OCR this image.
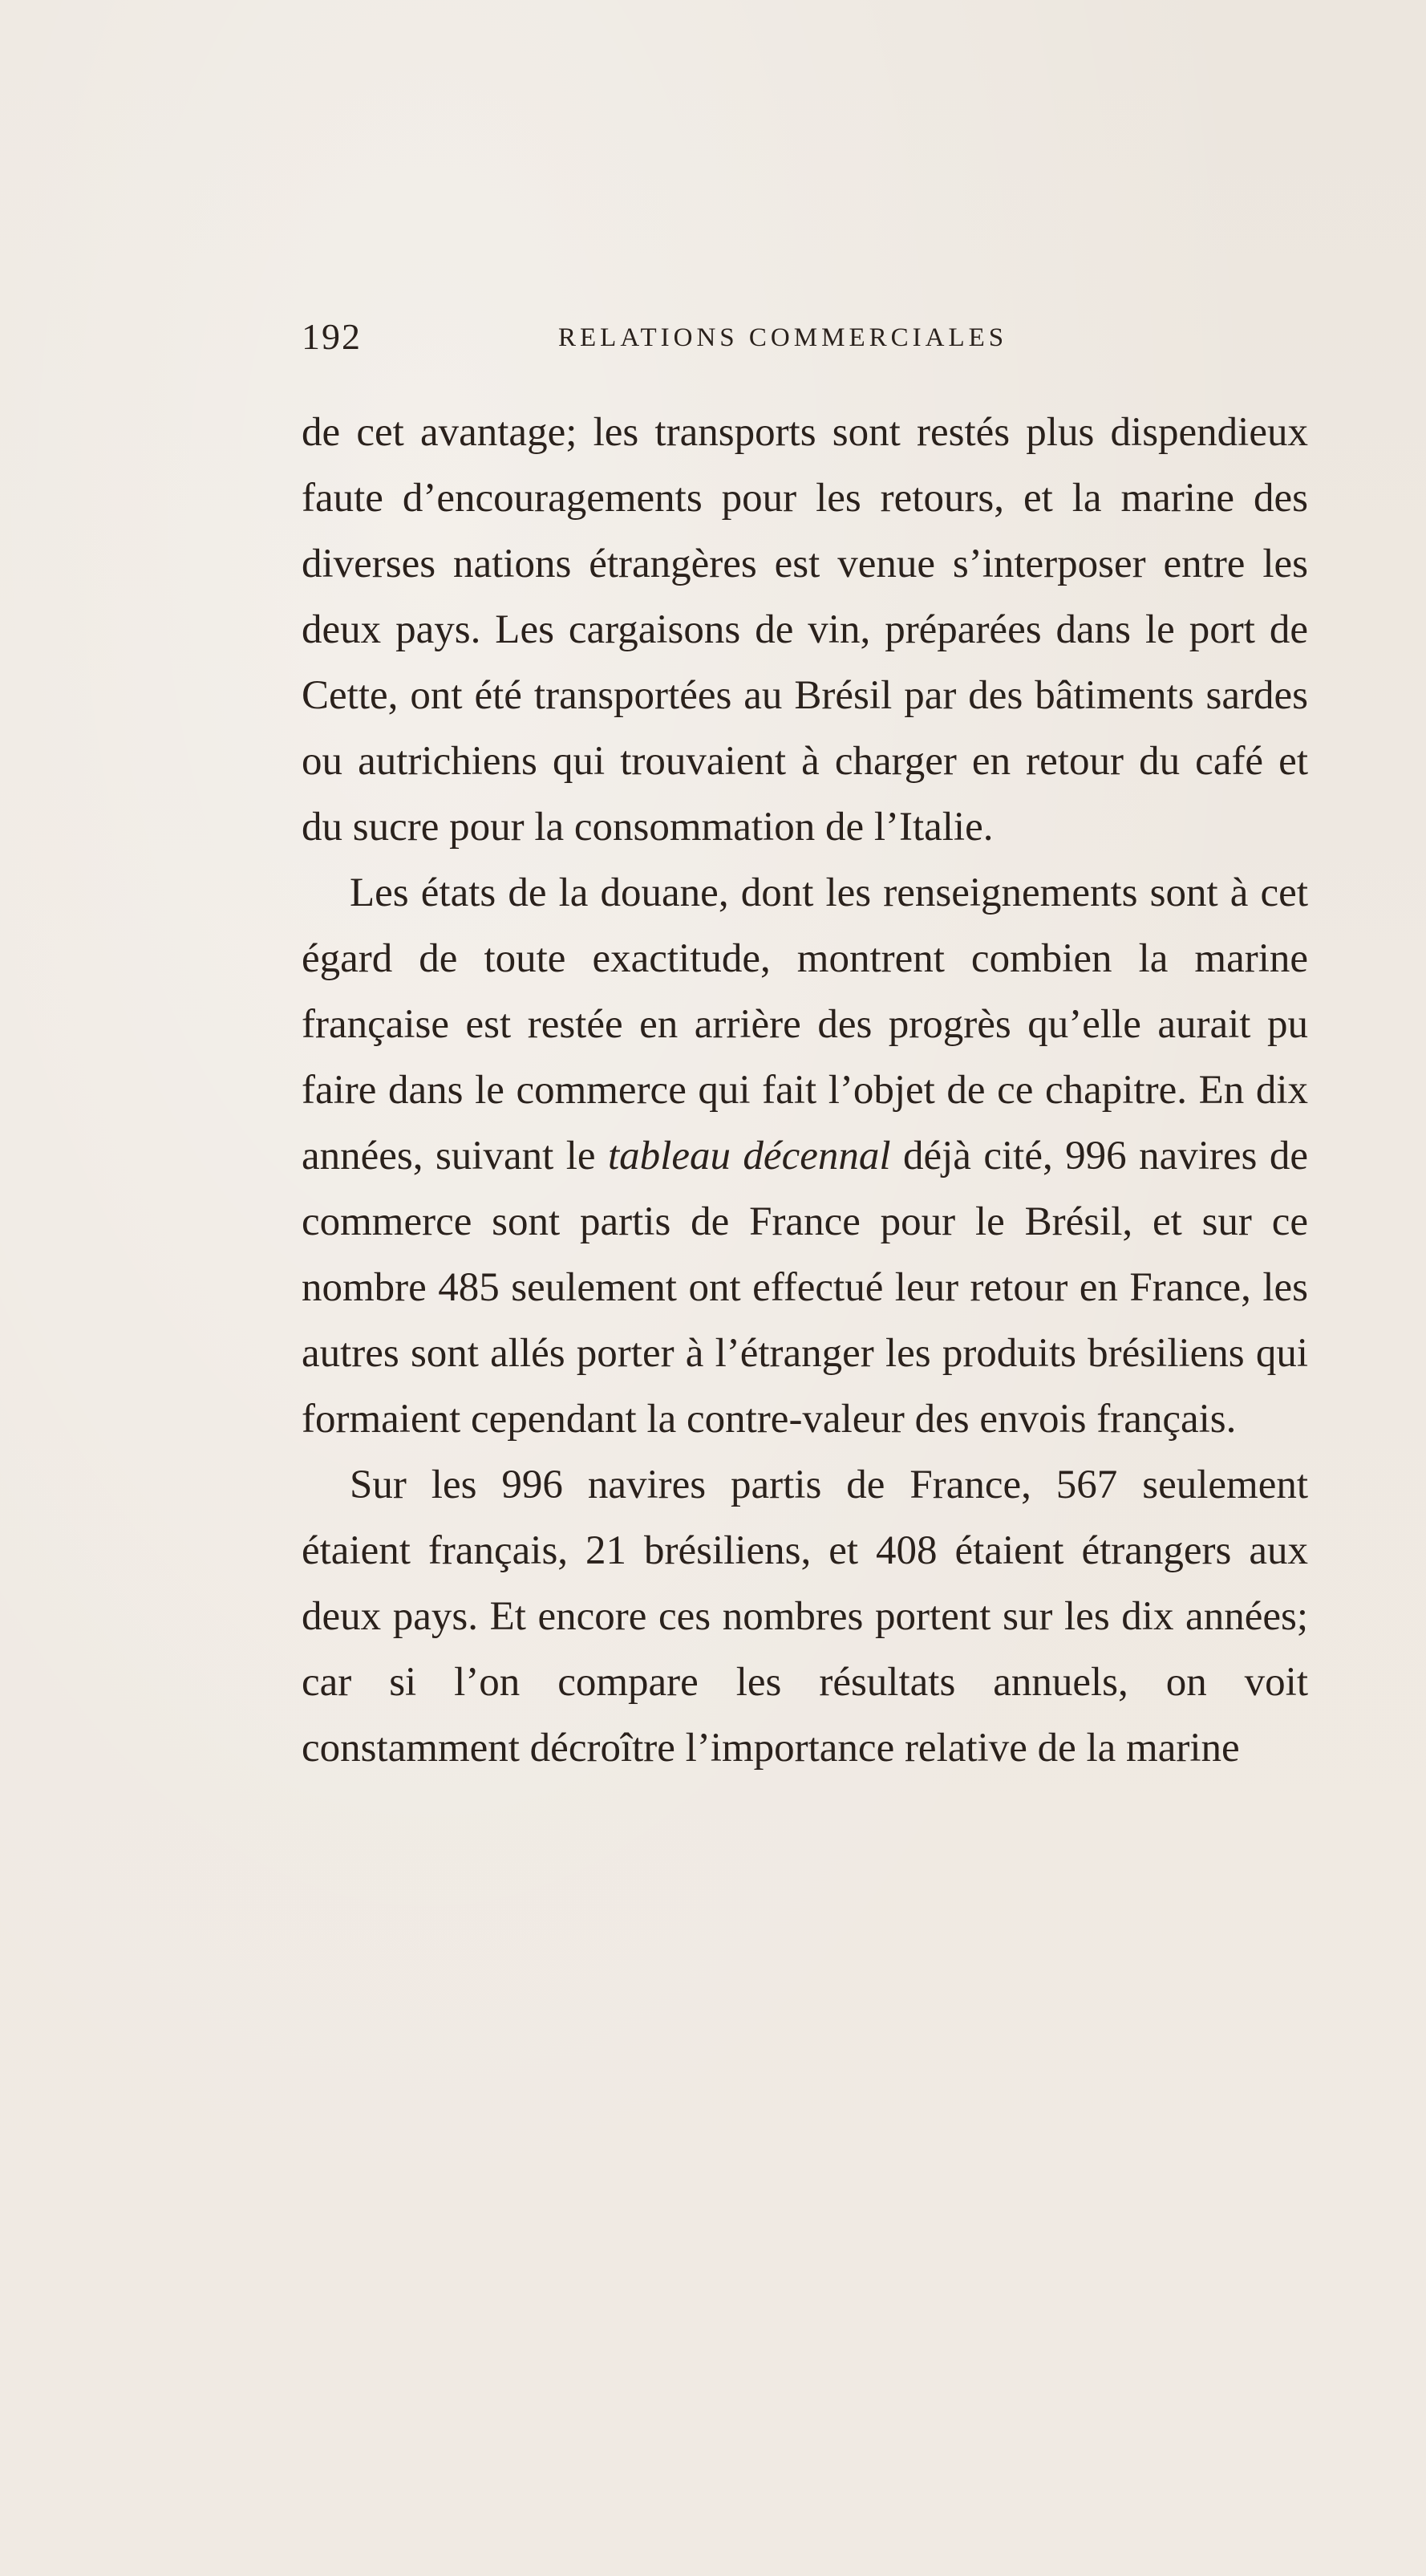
192	RELATIONS COMMERCIALES

de cet avantage; les transports sont restés plus dispendieux faute d’encouragements pour les retours, et la marine des diverses nations étrangères est venue s’interposer entre les deux pays. Les cargaisons de vin, préparées dans le port de Cette, ont été transportées au Brésil par des bâtiments sardes ou autrichiens qui trouvaient à charger en retour du café et du sucre pour la consommation de l’Italie.

Les états de la douane, dont les renseignements sont à cet égard de toute exactitude, montrent combien la marine française est restée en arrière des progrès qu’elle aurait pu faire dans le commerce qui fait l’objet de ce chapitre. En dix années, suivant le tableau décennal déjà cité, 996 navires de commerce sont partis de France pour le Brésil, et sur ce nombre 485 seulement ont effectué leur retour en France, les autres sont allés porter à l’étranger les produits brésiliens qui formaient cependant la contre-valeur des envois français.

Sur les 996 navires partis de France, 567 seulement étaient français, 21 brésiliens, et 408 étaient étrangers aux deux pays. Et encore ces nombres portent sur les dix années; car si l’on compare les résultats annuels, on voit constamment décroître l’importance relative de la marine
